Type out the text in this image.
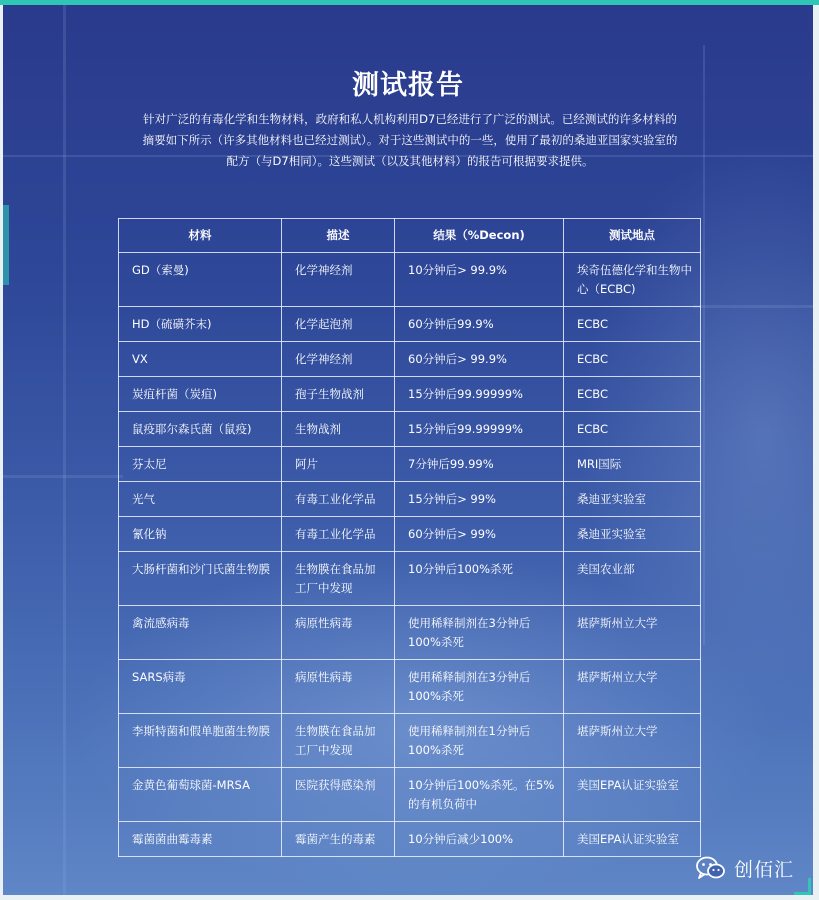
测试报告

针对广泛的有毒化学和生物材料，政府和私人机构利用D7已经进行了广泛的测试。已经测试的许多材料的摘要如下所示（许多其他材料也已经过测试）。对于这些测试中的一些，使用了最初的桑迪亚国家实验室的配方（与D7相同）。这些测试（以及其他材料）的报告可根据要求提供。

材料	描述	结果（%Decon)	测试地点
GD（索曼)	化学神经剂	10分钟后> 99.9%	埃奇伍德化学和生物中心（ECBC)
HD（硫磺芥末)	化学起泡剂	60分钟后99.9%	ECBC
VX	化学神经剂	60分钟后> 99.9%	ECBC
炭疽杆菌（炭疽)	孢子生物战剂	15分钟后99.99999%	ECBC
鼠疫耶尔森氏菌（鼠疫)	生物战剂	15分钟后99.99999%	ECBC
芬太尼	阿片	7分钟后99.99%	MRI国际
光气	有毒工业化学品	15分钟后> 99%	桑迪亚实验室
氰化钠	有毒工业化学品	60分钟后> 99%	桑迪亚实验室
大肠杆菌和沙门氏菌生物膜	生物膜在食品加工厂中发现	10分钟后100%杀死	美国农业部
禽流感病毒	病原性病毒	使用稀释制剂在3分钟后100%杀死	堪萨斯州立大学
SARS病毒	病原性病毒	使用稀释制剂在3分钟后100%杀死	堪萨斯州立大学
李斯特菌和假单胞菌生物膜	生物膜在食品加工厂中发现	使用稀释制剂在1分钟后100%杀死	堪萨斯州立大学
金黄色葡萄球菌-MRSA	医院获得感染剂	10分钟后100%杀死。在5%的有机负荷中	美国EPA认证实验室
霉菌菌曲霉毒素	霉菌产生的毒素	10分钟后减少100%	美国EPA认证实验室
创佰汇
